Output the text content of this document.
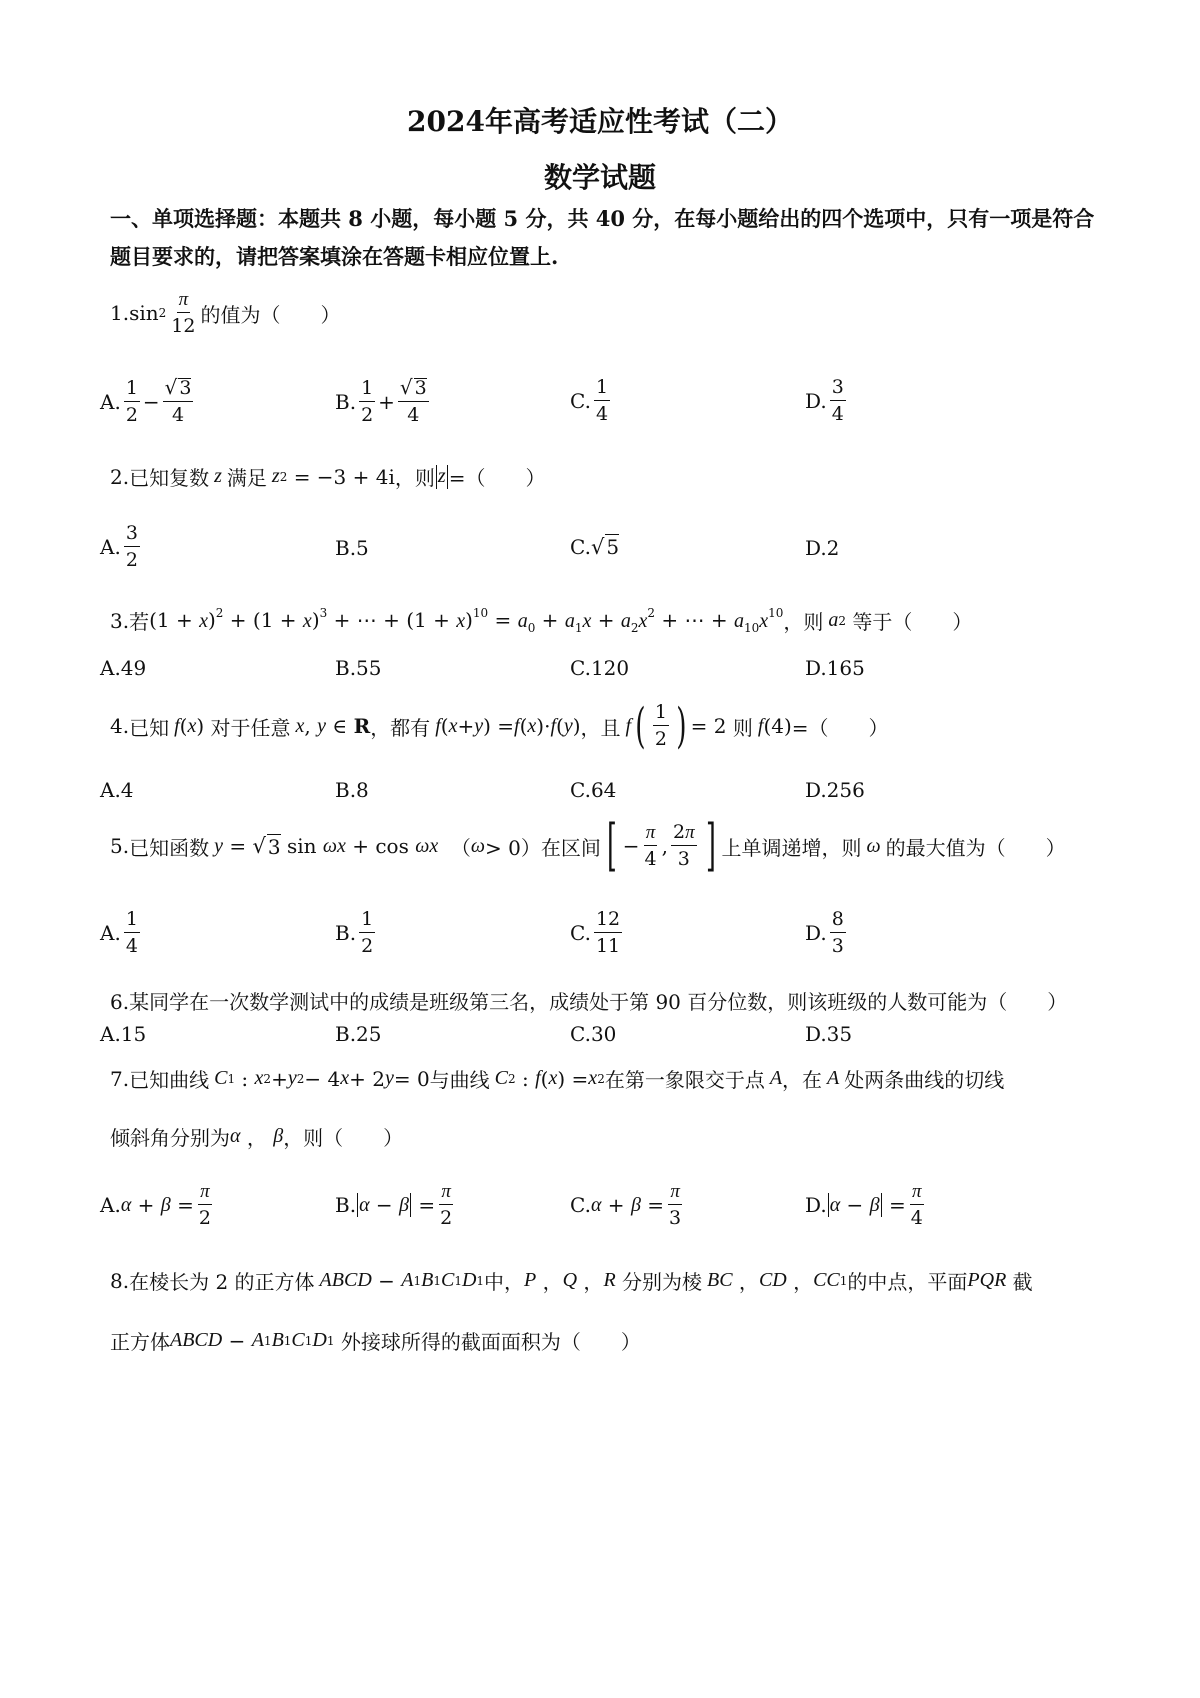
2024年高考适应性考试（二）
数学试题
一、单项选择题：本题共 8 小题，每小题 5 分，共 40 分，在每小题给出的四个选项中，只有一项是符合题目要求的，请把答案填涂在答题卡相应位置上.
1. $\sin 2 \frac{\pi}{12}$ 的值为（　　）
A. $\frac{1}{2} - \frac{√ 3}{4}$	B. $\frac{1}{2} + \frac{√ 3}{4}$	C. $\frac{1}{4}$	D. $\frac{3}{4}$
2. 已知复数 z 满足 z 2
= −3 + 4i ，则 z =（　　）
A. $\frac{3}{2}$	B.5	C. √ 5	D.2
3. 若 $(1 + x)^2 + (1 + x)^3$ + ⋯ + $(1 + x)^{10} = a_0 + a_1x + a_2x^2$ + ⋯ + $a_{10}x^{10}$ ，则 a 2
等于（　　）
A.49	B.55	C.120	D.165
4. 已知 f ( x ) 对于任意 x , y ∈ R ，都有 f ( x + y ) = f ( x )· f ( y ) ，且 f ( $\frac{1}{2}$ ) = 2 则 f (4) =（　　）
A.4	B.8	C.64	D.256
5. 已知函数 y = √ 3 sin ωx + cos ωx （ ω > 0） 在区间 [ − $\frac{\pi}{4}$ , $\frac{2\pi}{3}$ ] 上单调递增，则 ω 的最大值为（　　）
A. $\frac{1}{4}$	B. $\frac{1}{2}$	C. $\frac{12}{11}$	D. $\frac{8}{3}$
6.某同学在一次数学测试中的成绩是班级第三名，成绩处于第 90 百分位数，则该班级的人数可能为（　　）
A.15	B.25	C.30	D.35
7. 已知曲线 C 1 : x 2 + y 2 − 4 x + 2 y = 0 与曲线 C 2 : f ( x ) = x 2 在第一象限交于点 A ，在 A 处两条曲线的切线
倾斜角分别为 α ， β ，则（　　）
A. $\alpha + \beta = \frac{\pi}{2}$	B. $\alpha - \beta = \frac{\pi}{2}$	C. $\alpha + \beta = \frac{\pi}{3}$	D. $\alpha - \beta = \frac{\pi}{4}$
8. 在棱长为 2 的正方体 ABCD − A 1 B 1 C 1 D 1 中， P ， Q ， R
分别为棱 BC ， CD ， CC 1 的中点，平面 PQR
截
正方体 ABCD − A 1 B 1 C 1 D 1
外接球所得的截面面积为（　　）
